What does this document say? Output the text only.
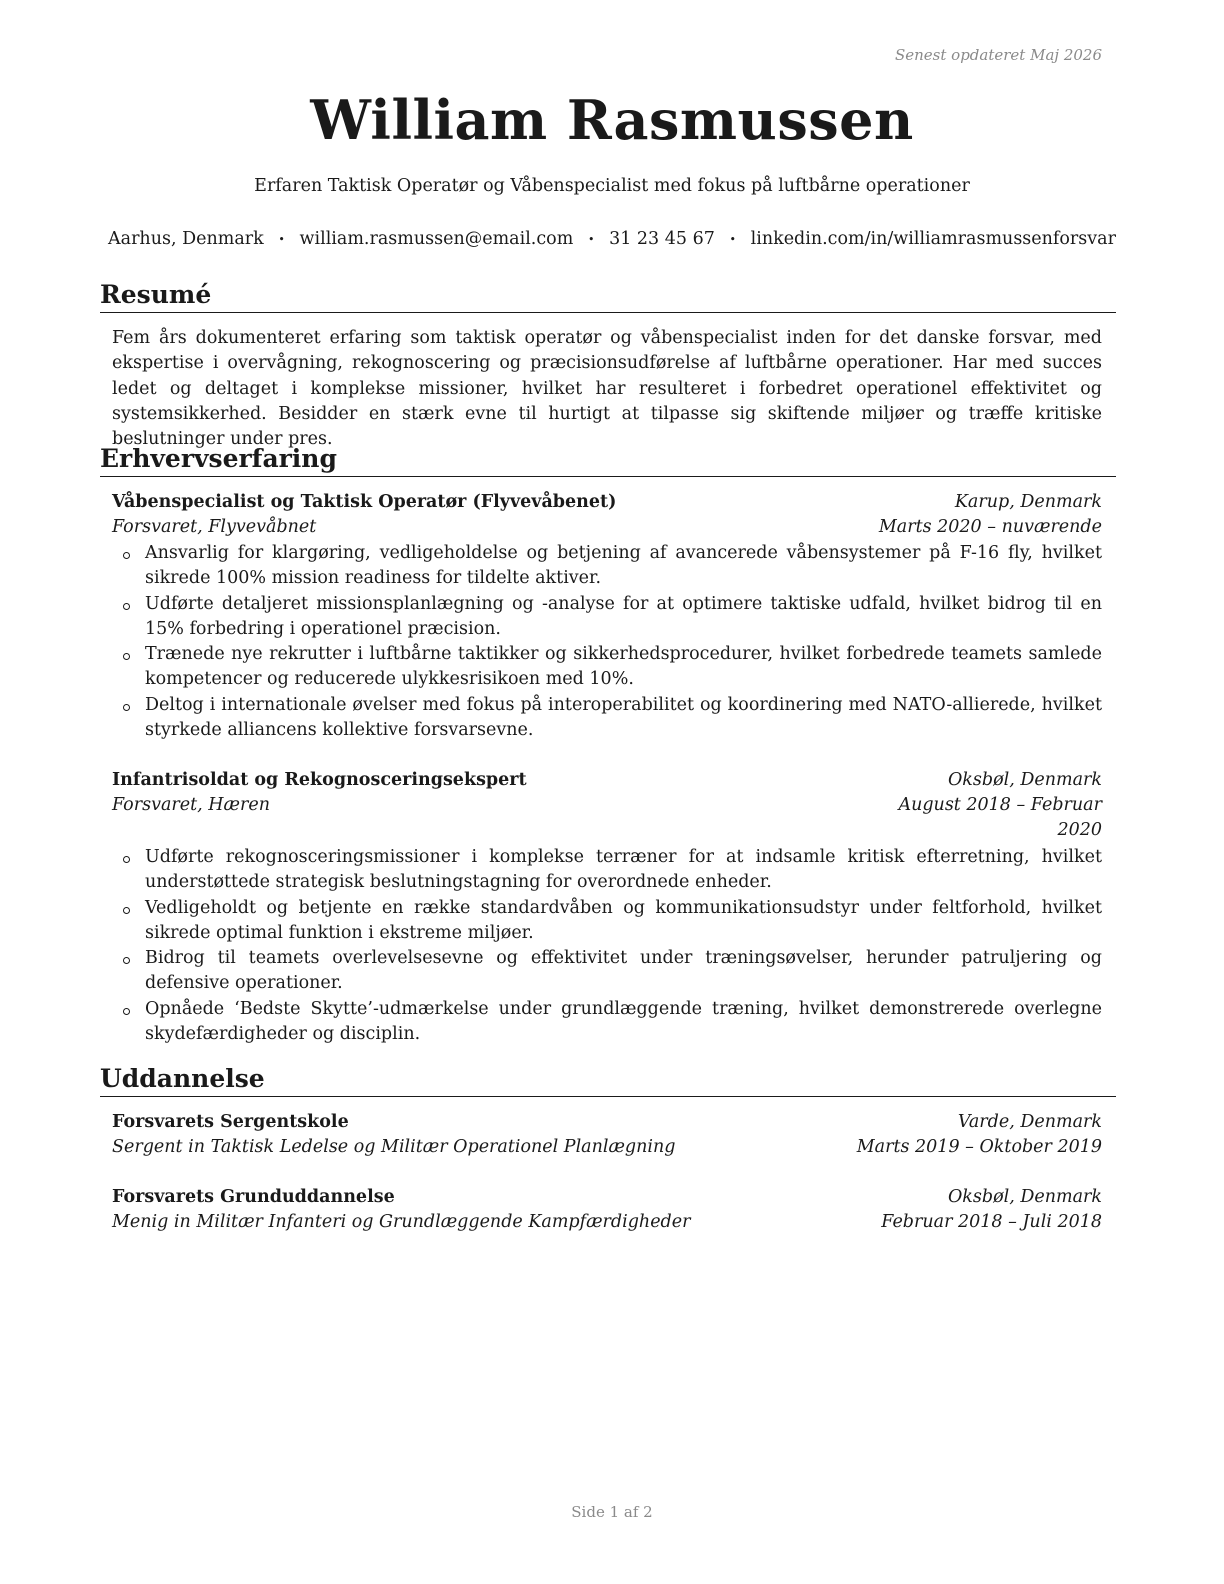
Senest opdateret Maj 2026
William Rasmussen
Erfaren Taktisk Operatør og Våbenspecialist med fokus på luftbårne operationer
Aarhus, Denmark • william.rasmussen@email.com • 31 23 45 67 • linkedin.com/in/williamrasmussenforsvar
Resumé
Fem års dokumenteret erfaring som taktisk operatør og våbenspecialist inden for det danske forsvar, med ekspertise i overvågning, rekognoscering og præcisionsudførelse af luftbårne operationer. Har med succes ledet og deltaget i komplekse missioner, hvilket har resulteret i forbedret operationel effektivitet og systemsikkerhed. Besidder en stærk evne til hurtigt at tilpasse sig skiftende miljøer og træffe kritiske beslutninger under pres.
Erhvervserfaring
Våbenspecialist og Taktisk Operatør (Flyvevåbenet)	Karup, Denmark
Forsvaret, Flyvevåbnet	Marts 2020 – nuværende
Ansvarlig for klargøring, vedligeholdelse og betjening af avancerede våbensystemer på F-16 fly, hvilket sikrede 100% mission readiness for tildelte aktiver.
Udførte detaljeret missionsplanlægning og -analyse for at optimere taktiske udfald, hvilket bidrog til en 15% forbedring i operationel præcision.
Trænede nye rekrutter i luftbårne taktikker og sikkerhedsprocedurer, hvilket forbedrede teamets samlede kompetencer og reducerede ulykkesrisikoen med 10%.
Deltog i internationale øvelser med fokus på interoperabilitet og koordinering med NATO-allierede, hvilket styrkede alliancens kollektive forsvarsevne.
Infantrisoldat og Rekognosceringsekspert	Oksbøl, Denmark
Forsvaret, Hæren	August 2018 – Februar 2020
Udførte rekognosceringsmissioner i komplekse terræner for at indsamle kritisk efterretning, hvilket understøttede strategisk beslutningstagning for overordnede enheder.
Vedligeholdt og betjente en række standardvåben og kommunikationsudstyr under feltforhold, hvilket sikrede optimal funktion i ekstreme miljøer.
Bidrog til teamets overlevelsesevne og effektivitet under træningsøvelser, herunder patruljering og defensive operationer.
Opnåede ‘Bedste Skytte’-udmærkelse under grundlæggende træning, hvilket demonstrerede overlegne skydefærdigheder og disciplin.
Uddannelse
Forsvarets Sergentskole	Varde, Denmark
Sergent in Taktisk Ledelse og Militær Operationel Planlægning	Marts 2019 – Oktober 2019
Forsvarets Grunduddannelse	Oksbøl, Denmark
Menig in Militær Infanteri og Grundlæggende Kampfærdigheder	Februar 2018 – Juli 2018
Side 1 af 2
